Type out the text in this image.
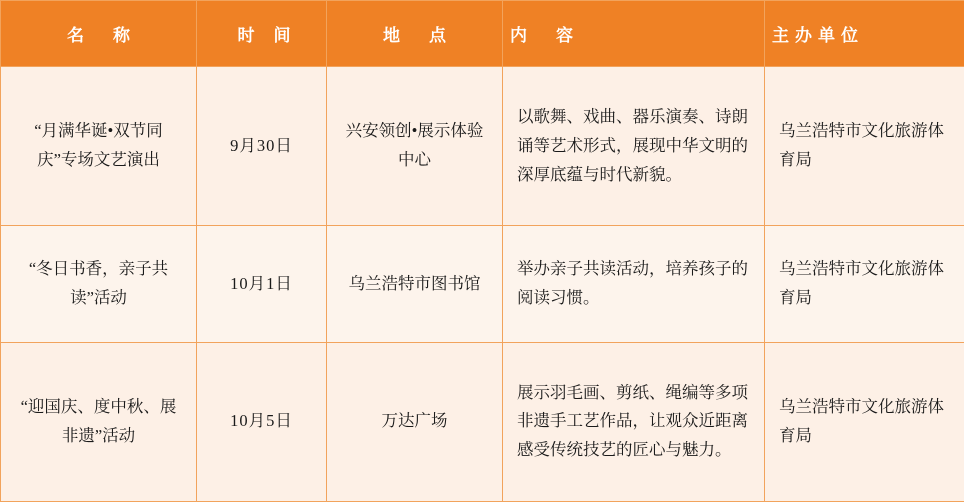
名　称	时　间	地　点	内　容	主办单位

“月满华诞•双节同庆”专场文艺演出	9月30日	兴安领创•展示体验中心	以歌舞、戏曲、器乐演奏、诗朗诵等艺术形式，展现中华文明的深厚底蕴与时代新貌。	乌兰浩特市文化旅游体育局

“冬日书香，亲子共读”活动	10月1日	乌兰浩特市图书馆	举办亲子共读活动，培养孩子的阅读习惯。	乌兰浩特市文化旅游体育局

“迎国庆、度中秋、展非遗”活动	10月5日	万达广场	展示羽毛画、剪纸、绳编等多项非遗手工艺作品，让观众近距离感受传统技艺的匠心与魅力。	乌兰浩特市文化旅游体育局
